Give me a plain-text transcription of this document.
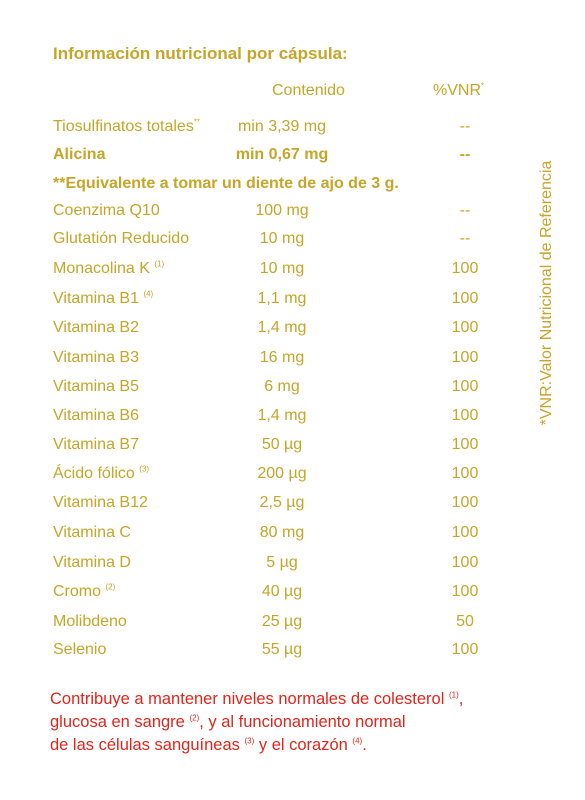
Información nutricional por cápsula:
Contenido	%VNR*
Tiosulfinatos totales**	min 3,39 mg	--
Alicina	min 0,67 mg	--
**Equivalente a tomar un diente de ajo de 3 g.
Coenzima Q10	100 mg	--
Glutatión Reducido	10 mg	--
Monacolina K $^{(1)}$	10 mg	100
Vitamina B1 $^{(4)}$	1,1 mg	100
Vitamina B2	1,4 mg	100
Vitamina B3	16 mg	100
Vitamina B5	6 mg	100
Vitamina B6	1,4 mg	100
Vitamina B7	50 µg	100
Ácido fólico $^{(3)}$	200 µg	100
Vitamina B12	2,5 µg	100
Vitamina C	80 mg	100
Vitamina D	5 µg	100
Cromo $^{(2)}$	40 µg	100
Molibdeno	25 µg	50
Selenio	55 µg	100
*VNR:Valor Nutricional de Referencia
Contribuye a mantener niveles normales de colesterol $^{(1)}$,
glucosa en sangre $^{(2)}$, y al funcionamiento normal
de las células sanguíneas $^{(3)}$ y el corazón $^{(4)}$.
